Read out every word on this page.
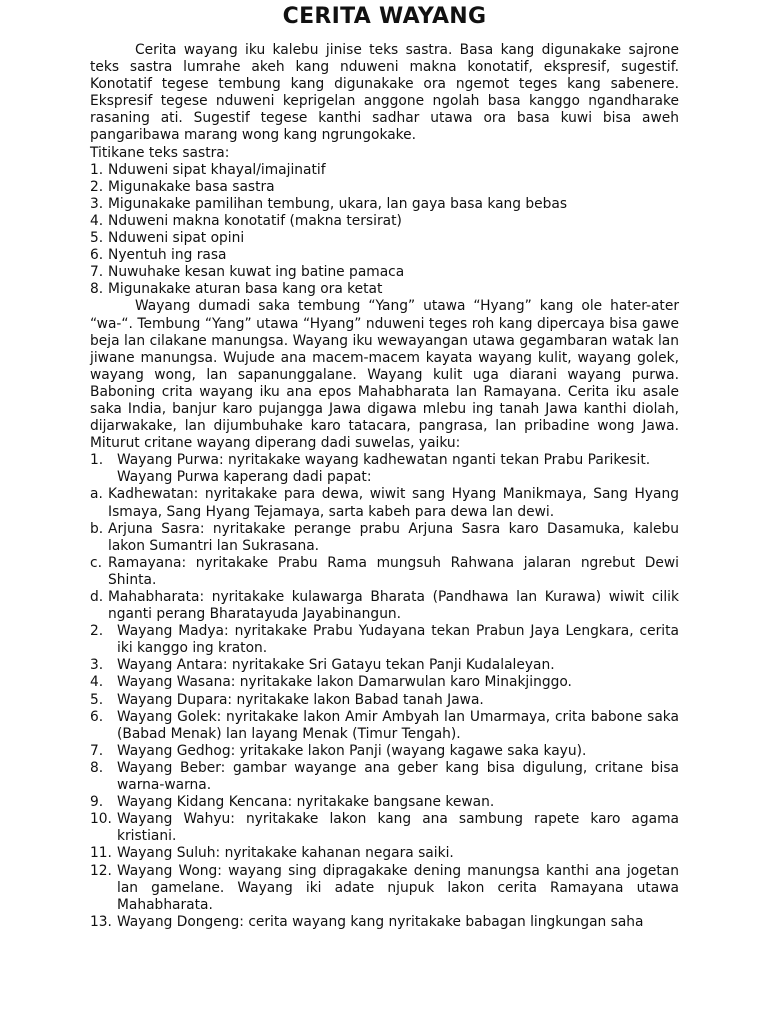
CERITA WAYANG

Cerita wayang iku kalebu jinise teks sastra. Basa kang digunakake sajrone teks sastra lumrahe akeh kang nduweni makna konotatif, ekspresif, sugestif. Konotatif tegese tembung kang digunakake ora ngemot teges kang sabenere. Ekspresif tegese nduweni keprigelan anggone ngolah basa kanggo ngandharake rasaning ati. Sugestif tegese kanthi sadhar utawa ora basa kuwi bisa aweh pangaribawa marang wong kang ngrungokake.

Titikane teks sastra:

1. Nduweni sipat khayal/imajinatif
2. Migunakake basa sastra
3. Migunakake pamilihan tembung, ukara, lan gaya basa kang bebas
4. Nduweni makna konotatif (makna tersirat)
5. Nduweni sipat opini
6. Nyentuh ing rasa
7. Nuwuhake kesan kuwat ing batine pamaca
8. Migunakake aturan basa kang ora ketat

Wayang dumadi saka tembung “Yang” utawa “Hyang” kang ole hater-ater “wa-“. Tembung “Yang” utawa “Hyang” nduweni teges roh kang dipercaya bisa gawe beja lan cilakane manungsa. Wayang iku wewayangan utawa gegambaran watak lan jiwane manungsa. Wujude ana macem-macem kayata wayang kulit, wayang golek, wayang wong, lan sapanunggalane. Wayang kulit uga diarani wayang purwa. Baboning crita wayang iku ana epos Mahabharata lan Ramayana. Cerita iku asale saka India, banjur karo pujangga Jawa digawa mlebu ing tanah Jawa kanthi diolah, dijarwakake, lan dijumbuhake karo tatacara, pangrasa, lan pribadine wong Jawa. Miturut critane wayang diperang dadi suwelas, yaiku:

1.	Wayang Purwa: nyritakake wayang kadhewatan nganti tekan Prabu Parikesit.
Wayang Purwa kaperang dadi papat:
a. Kadhewatan: nyritakake para dewa, wiwit sang Hyang Manikmaya, Sang Hyang Ismaya, Sang Hyang Tejamaya, sarta kabeh para dewa lan dewi.
b. Arjuna Sasra: nyritakake perange prabu Arjuna Sasra karo Dasamuka, kalebu lakon Sumantri lan Sukrasana.
c. Ramayana: nyritakake Prabu Rama mungsuh Rahwana jalaran ngrebut Dewi Shinta.
d. Mahabharata: nyritakake kulawarga Bharata (Pandhawa lan Kurawa) wiwit cilik nganti perang Bharatayuda Jayabinangun.
2.	Wayang Madya: nyritakake Prabu Yudayana tekan Prabun Jaya Lengkara, cerita iki kanggo ing kraton.
3.	Wayang Antara: nyritakake Sri Gatayu tekan Panji Kudalaleyan.
4.	Wayang Wasana: nyritakake lakon Damarwulan karo Minakjinggo.
5.	Wayang Dupara: nyritakake lakon Babad tanah Jawa.
6.	Wayang Golek: nyritakake lakon Amir Ambyah lan Umarmaya, crita babone saka (Babad Menak) lan layang Menak (Timur Tengah).
7.	Wayang Gedhog: yritakake lakon Panji (wayang kagawe saka kayu).
8.	Wayang Beber: gambar wayange ana geber kang bisa digulung, critane bisa warna-warna.
9.	Wayang Kidang Kencana: nyritakake bangsane kewan.
10. Wayang Wahyu: nyritakake lakon kang ana sambung rapete karo agama kristiani.
11. Wayang Suluh: nyritakake kahanan negara saiki.
12. Wayang Wong: wayang sing dipragakake dening manungsa kanthi ana jogetan lan gamelane. Wayang iki adate njupuk lakon cerita Ramayana utawa Mahabharata.
13. Wayang Dongeng: cerita wayang kang nyritakake babagan lingkungan saha
